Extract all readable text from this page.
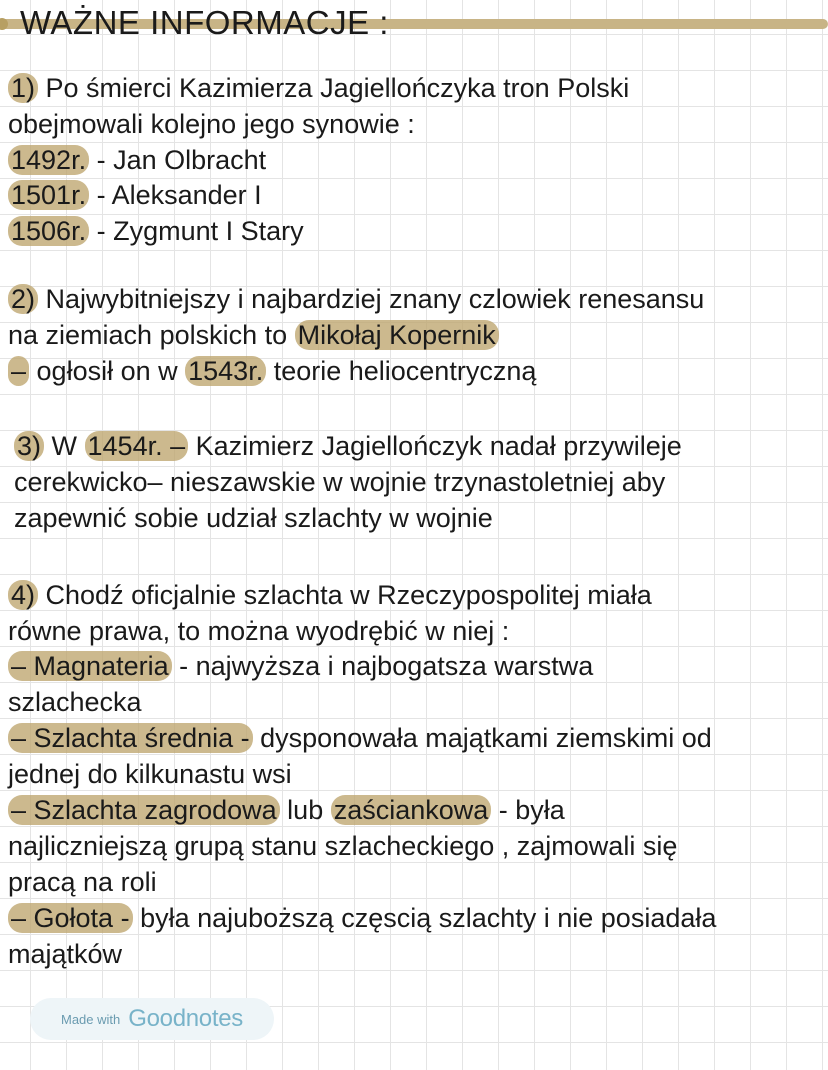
WAŻNE INFORMACJE :

1) Po śmierci Kazimierza Jagiellończyka tron Polski

obejmowali kolejno jego synowie :

1492r. - Jan Olbracht

1501r. - Aleksander I

1506r. - Zygmunt I Stary

2) Najwybitniejszy i najbardziej znany czlowiek renesansu

na ziemiach polskich to Mikołaj Kopernik

– ogłosił on w 1543r. teorie heliocentryczną

3) W 1454r. – Kazimierz Jagiellończyk nadał przywileje

cerekwicko– nieszawskie w wojnie trzynastoletniej aby

zapewnić sobie udział szlachty w wojnie

4) Chodź oficjalnie szlachta w Rzeczypospolitej miała

równe prawa, to można wyodrębić w niej :

– Magnateria - najwyższa i najbogatsza warstwa

szlachecka

– Szlachta średnia - dysponowała majątkami ziemskimi od

jednej do kilkunastu wsi

– Szlachta zagrodowa lub zaściankowa - była

najliczniejszą grupą stanu szlacheckiego , zajmowali się

pracą na roli

– Gołota - była najuboższą częscią szlachty i nie posiadała

majątków

Made with Goodnotes
